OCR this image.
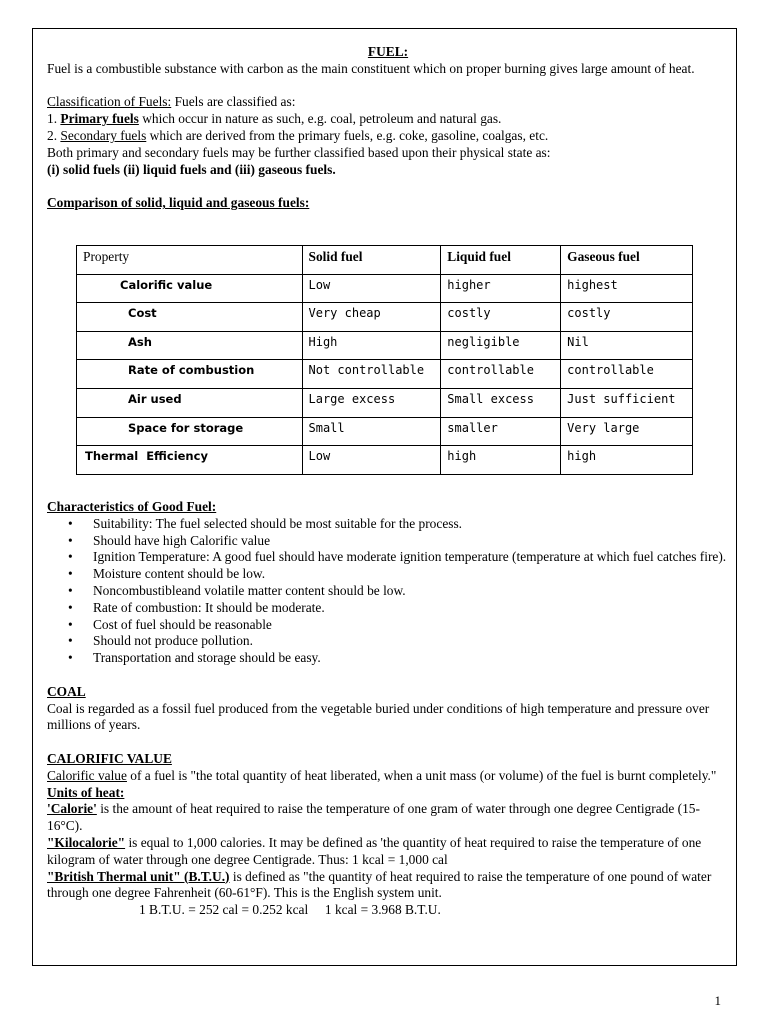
FUEL:

Fuel is a combustible substance with carbon as the main constituent which on proper burning gives large amount of heat.

Classification of Fuels: Fuels are classified as:

1. Primary fuels which occur in nature as such, e.g. coal, petroleum and natural gas.

2. Secondary fuels which are derived from the primary fuels, e.g. coke, gasoline, coalgas, etc.

Both primary and secondary fuels may be further classified based upon their physical state as:

(i) solid fuels (ii) liquid fuels and (iii) gaseous fuels.

Comparison of solid, liquid and gaseous fuels:

Property	Solid fuel	Liquid fuel	Gaseous fuel
Calorific value	Low	higher	highest
Cost	Very cheap	costly	costly
Ash	High	negligible	Nil
Rate of combustion	Not controllable	controllable	controllable
Air used	Large excess	Small excess	Just sufficient
Space for storage	Small	smaller	Very large
Thermal  Efficiency	Low	high	high

Characteristics of Good Fuel:

• Suitability: The fuel selected should be most suitable for the process.
• Should have high Calorific value
• Ignition Temperature: A good fuel should have moderate ignition temperature (temperature at which fuel catches fire).
• Moisture content should be low.
• Noncombustibleand volatile matter content should be low.
• Rate of combustion: It should be moderate.
• Cost of fuel should be reasonable
• Should not produce pollution.
• Transportation and storage should be easy.

COAL

Coal is regarded as a fossil fuel produced from the vegetable buried under conditions of high temperature and pressure over millions of years.

CALORIFIC VALUE

Calorific value of a fuel is "the total quantity of heat liberated, when a unit mass (or volume) of the fuel is burnt completely."

Units of heat:

'Calorie' is the amount of heat required to raise the temperature of one gram of water through one degree Centigrade (15-16°C).

"Kilocalorie" is equal to 1,000 calories. It may be defined as 'the quantity of heat required to raise the temperature of one kilogram of water through one degree Centigrade. Thus: 1 kcal = 1,000 cal

"British Thermal unit" (B.T.U.) is defined as "the quantity of heat required to raise the temperature of one pound of water through one degree Fahrenheit (60-61°F). This is the English system unit.

1 B.T.U. = 252 cal = 0.252 kcal     1 kcal = 3.968 B.T.U.

1
